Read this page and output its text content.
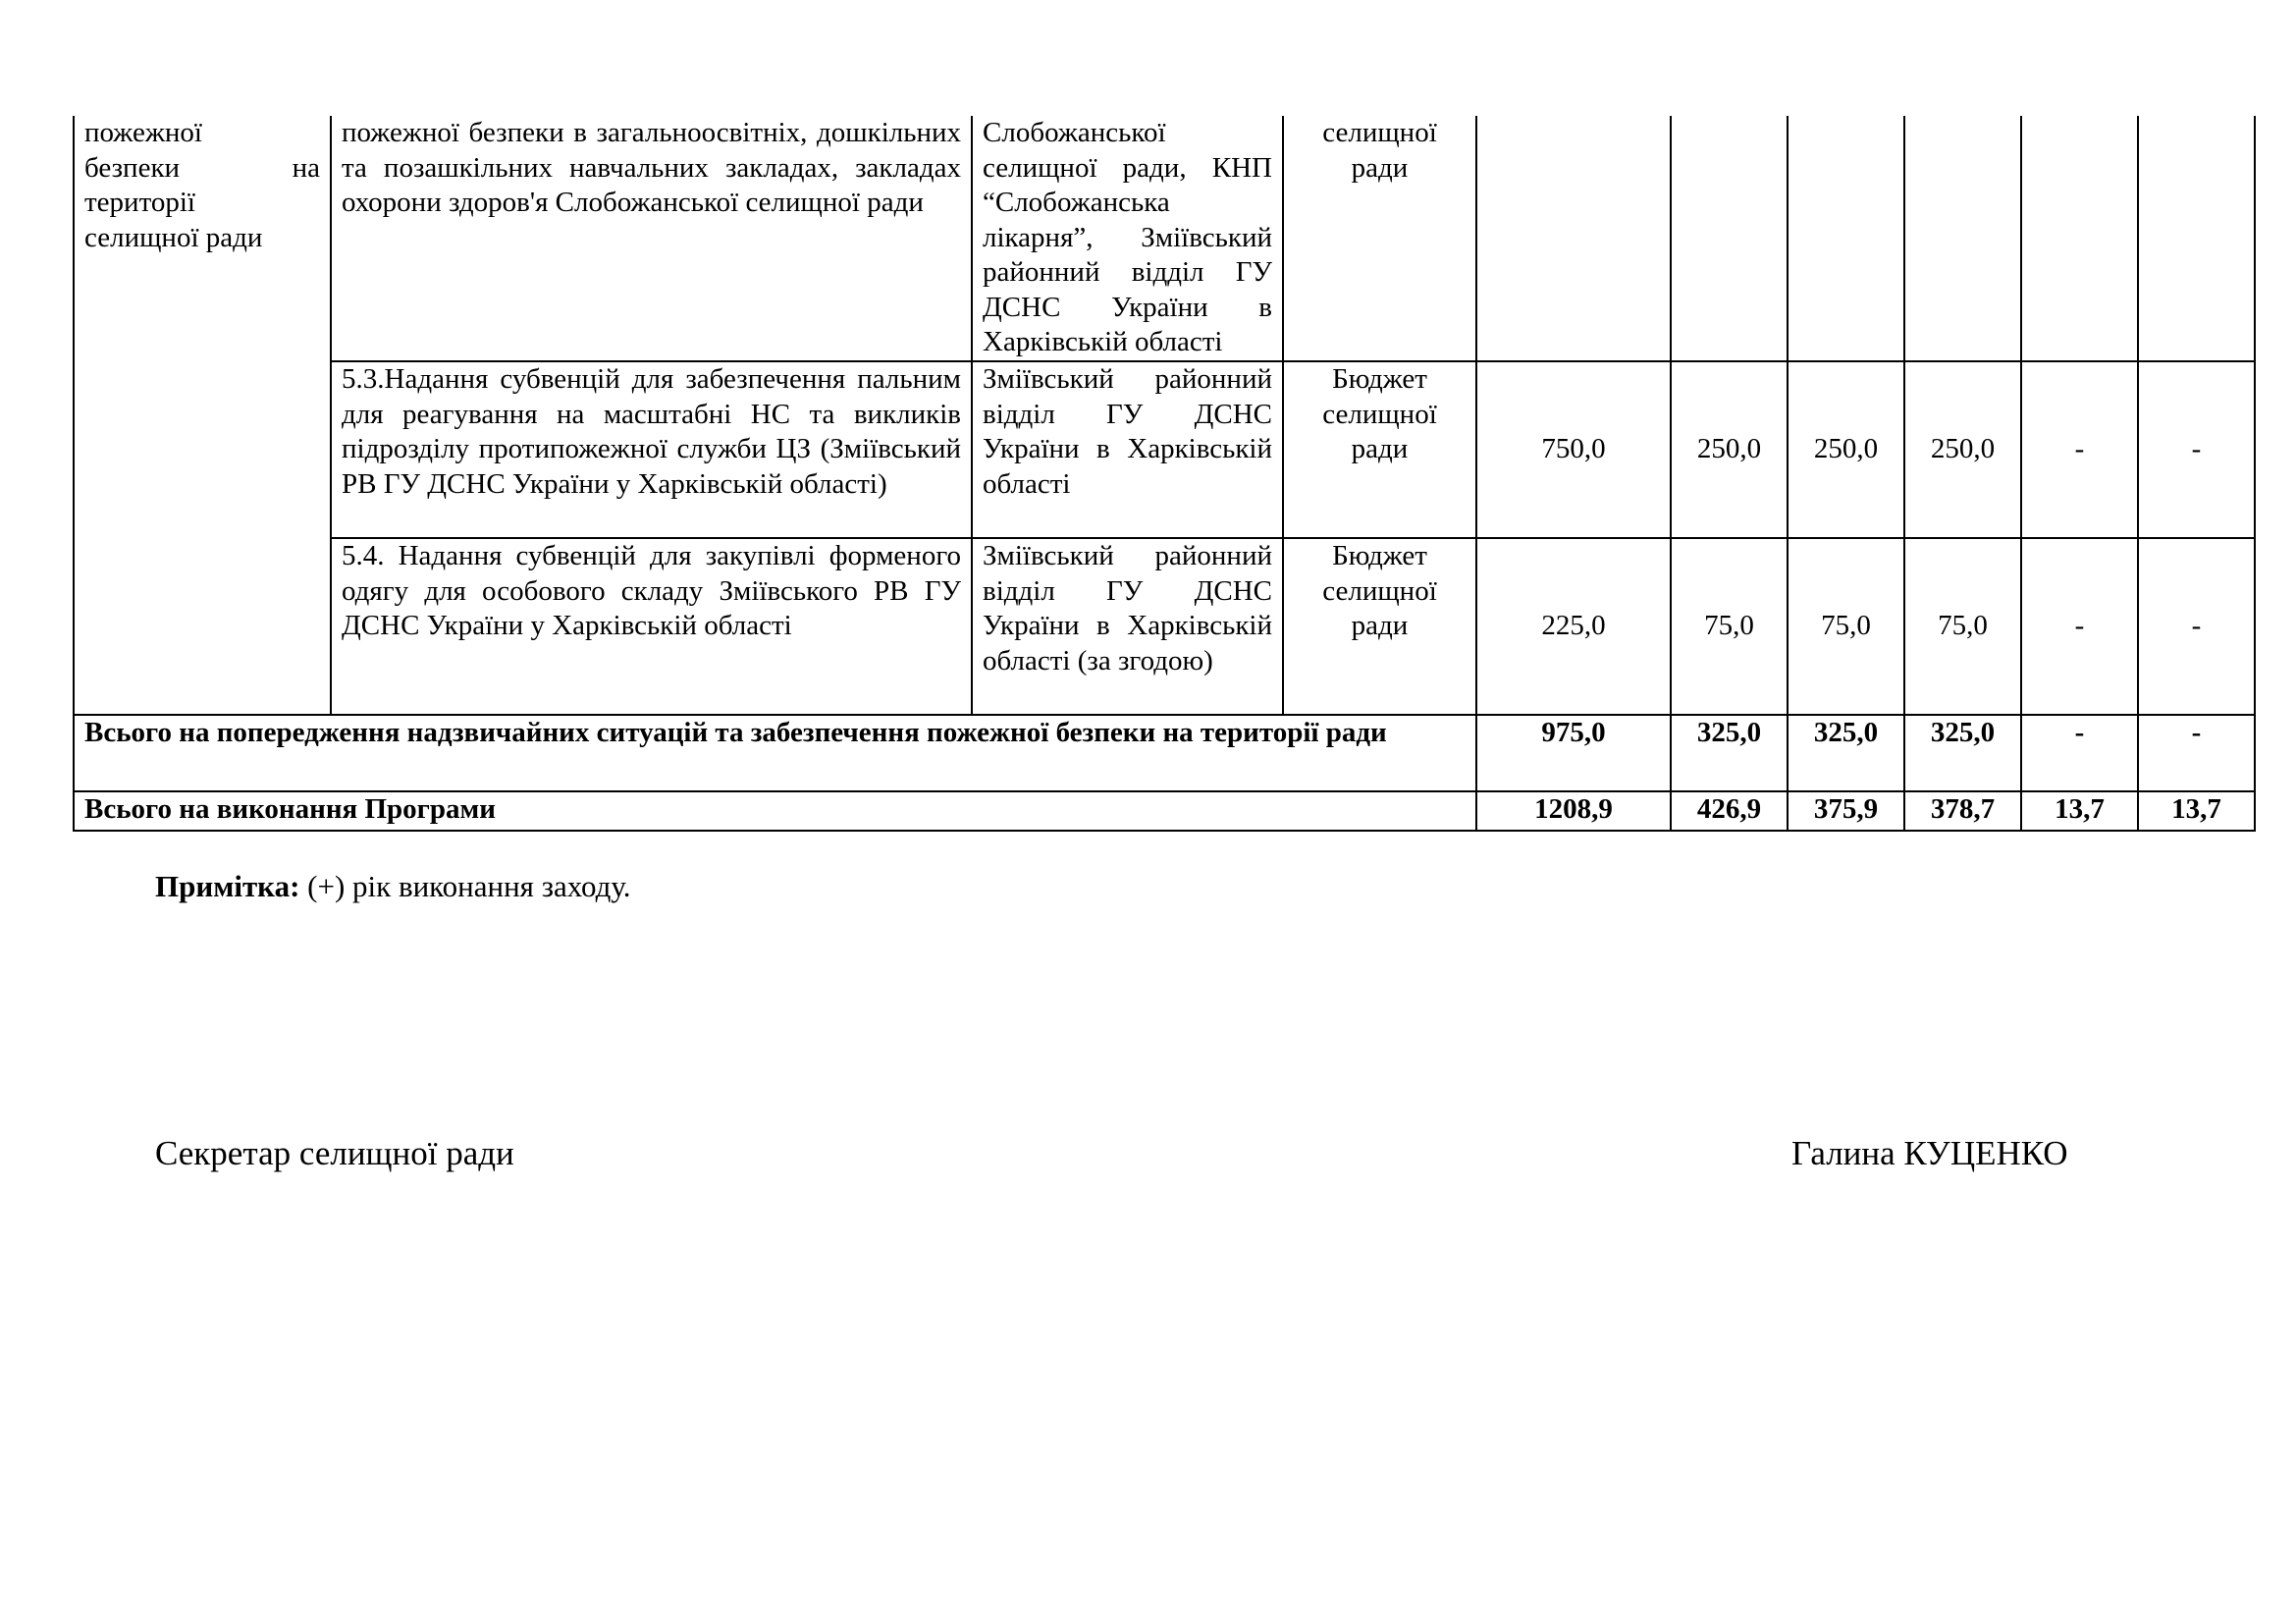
пожежної
безпеки на
території
селищної ради	пожежної безпеки в загальноосвітніх, дошкільних та позашкільних навчальних закладах, закладах охорони здоров'я Слобожанської селищної ради	Слобожанської селищної ради, КНП “Слобожанська лікарня”, Зміївський районний відділ ГУ ДСНС України в Харківській області	селищної ради						
	5.3.Надання субвенцій для забезпечення пальним для реагування на масштабні НС та викликів підрозділу протипожежної служби ЦЗ (Зміївський РВ ГУ ДСНС України у Харківській області)	Зміївський районний відділ ГУ ДСНС України в Харківській області	Бюджет селищної ради	750,0	250,0	250,0	250,0	-	-
	5.4. Надання субвенцій для закупівлі форменого одягу для особового складу Зміївського РВ ГУ ДСНС України у Харківській області	Зміївський районний відділ ГУ ДСНС України в Харківській області (за згодою)	Бюджет селищної ради	225,0	75,0	75,0	75,0	-	-
Всього на попередження надзвичайних ситуацій та забезпечення пожежної безпеки на території ради				975,0	325,0	325,0	325,0	-	-
Всього на виконання Програми				1208,9	426,9	375,9	378,7	13,7	13,7
Примітка: (+) рік виконання заходу.
Секретар селищної ради	Галина КУЦЕНКО
